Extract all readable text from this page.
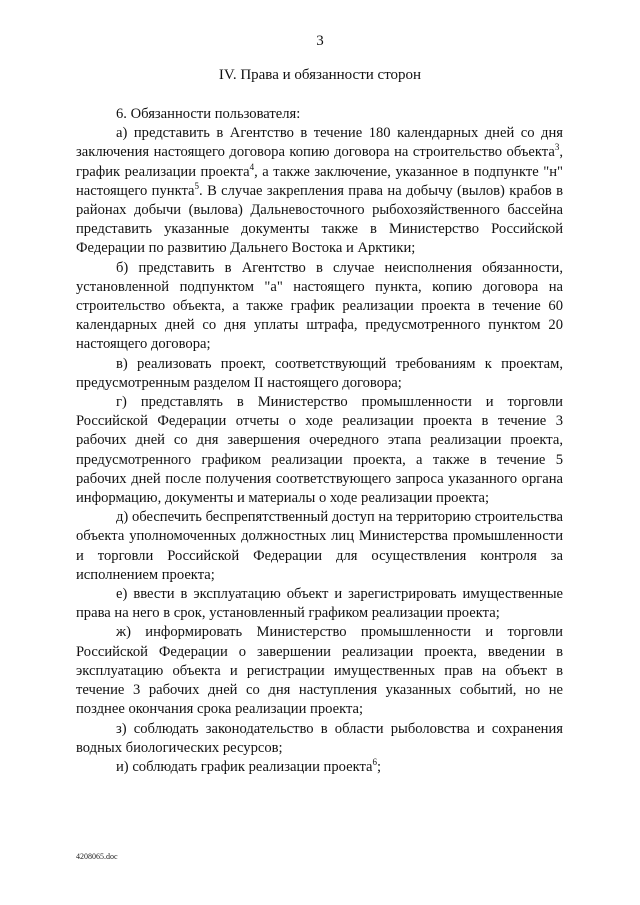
3
IV. Права и обязанности сторон

6. Обязанности пользователя:

а) представить в Агентство в течение 180 календарных дней со дня заключения настоящего договора копию договора на строительство объекта$^3$, график реализации проекта$^4$, а также заключение, указанное в подпункте "н" настоящего пункта$^5$. В случае закрепления права на добычу (вылов) крабов в районах добычи (вылова) Дальневосточного рыбохозяйственного бассейна представить указанные документы также в Министерство Российской Федерации по развитию Дальнего Востока и Арктики;

б) представить в Агентство в случае неисполнения обязанности, установленной подпунктом "а" настоящего пункта, копию договора на строительство объекта, а также график реализации проекта в течение 60 календарных дней со дня уплаты штрафа, предусмотренного пунктом 20 настоящего договора;

в) реализовать проект, соответствующий требованиям к проектам, предусмотренным разделом II настоящего договора;

г) представлять в Министерство промышленности и торговли Российской Федерации отчеты о ходе реализации проекта в течение 3 рабочих дней со дня завершения очередного этапа реализации проекта, предусмотренного графиком реализации проекта, а также в течение 5 рабочих дней после получения соответствующего запроса указанного органа информацию, документы и материалы о ходе реализации проекта;

д) обеспечить беспрепятственный доступ на территорию строительства объекта уполномоченных должностных лиц Министерства промышленности и торговли Российской Федерации для осуществления контроля за исполнением проекта;

е) ввести в эксплуатацию объект и зарегистрировать имущественные права на него в срок, установленный графиком реализации проекта;

ж) информировать Министерство промышленности и торговли Российской Федерации о завершении реализации проекта, введении в эксплуатацию объекта и регистрации имущественных прав на объект в течение 3 рабочих дней со дня наступления указанных событий, но не позднее окончания срока реализации проекта;

з) соблюдать законодательство в области рыболовства и сохранения водных биологических ресурсов;

и) соблюдать график реализации проекта$^6$;

4208065.doc
